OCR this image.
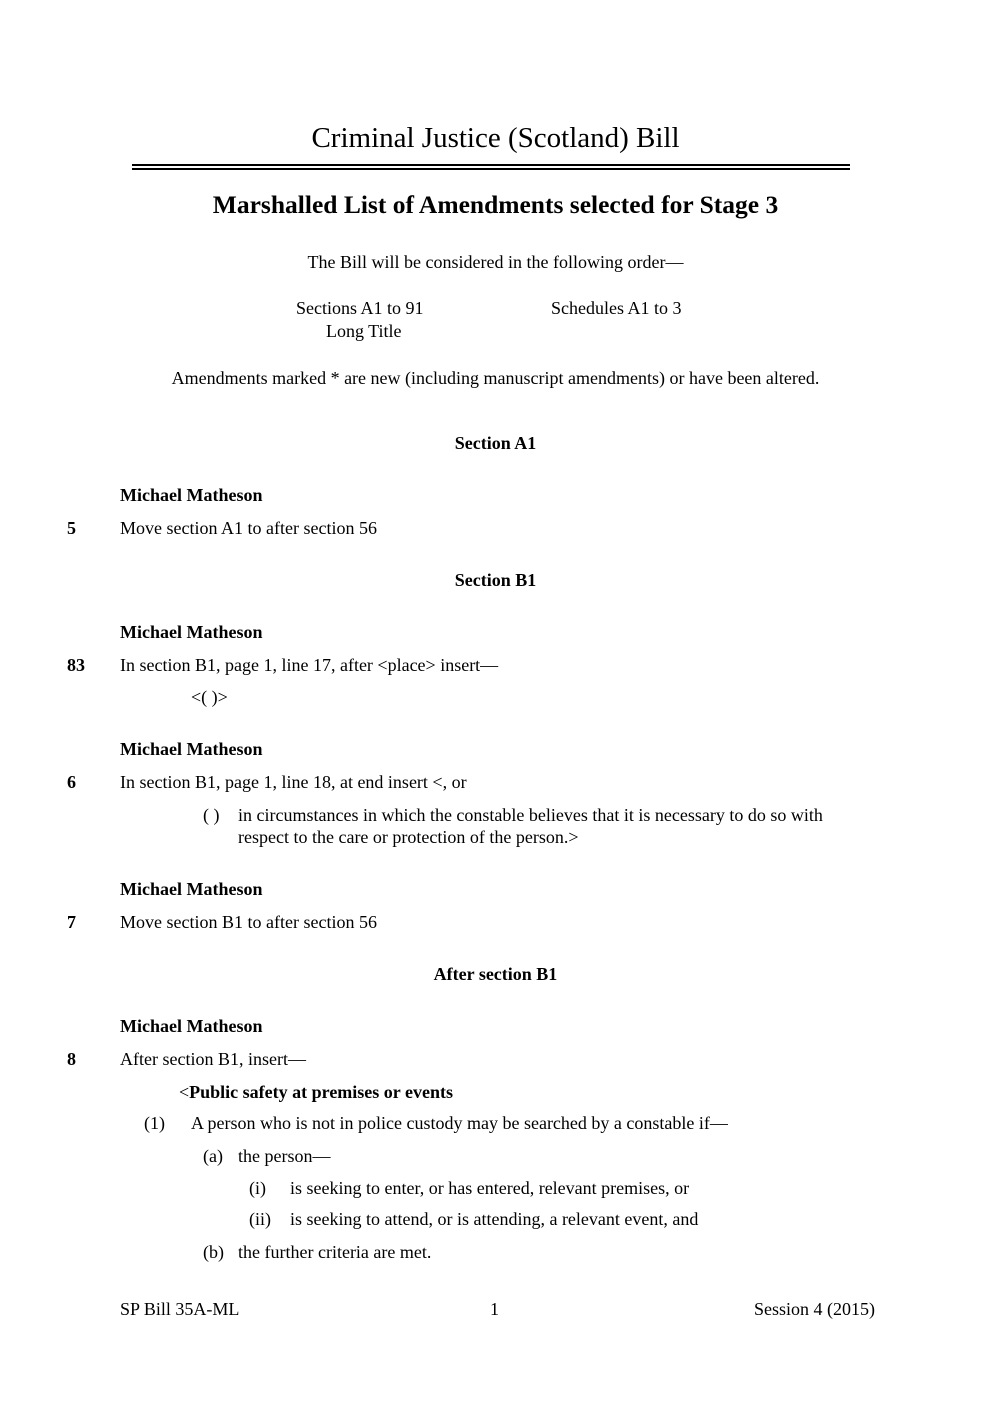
Criminal Justice (Scotland) Bill
Marshalled List of Amendments selected for Stage 3
The Bill will be considered in the following order—
Sections A1 to 91
Long Title
Schedules A1 to 3
Amendments marked * are new (including manuscript amendments) or have been altered.
Section A1
Michael Matheson
5 Move section A1 to after section 56
Section B1
Michael Matheson
83 In section B1, page 1, line 17, after <place> insert—
<( )>
Michael Matheson
6 In section B1, page 1, line 18, at end insert <, or
( ) in circumstances in which the constable believes that it is necessary to do so with
respect to the care or protection of the person.>
Michael Matheson
7 Move section B1 to after section 56
After section B1
Michael Matheson
8 After section B1, insert—
<Public safety at premises or events
(1) A person who is not in police custody may be searched by a constable if—
(a) the person—
(i) is seeking to enter, or has entered, relevant premises, or
(ii) is seeking to attend, or is attending, a relevant event, and
(b) the further criteria are met.
SP Bill 35A-ML	1	Session 4 (2015)
